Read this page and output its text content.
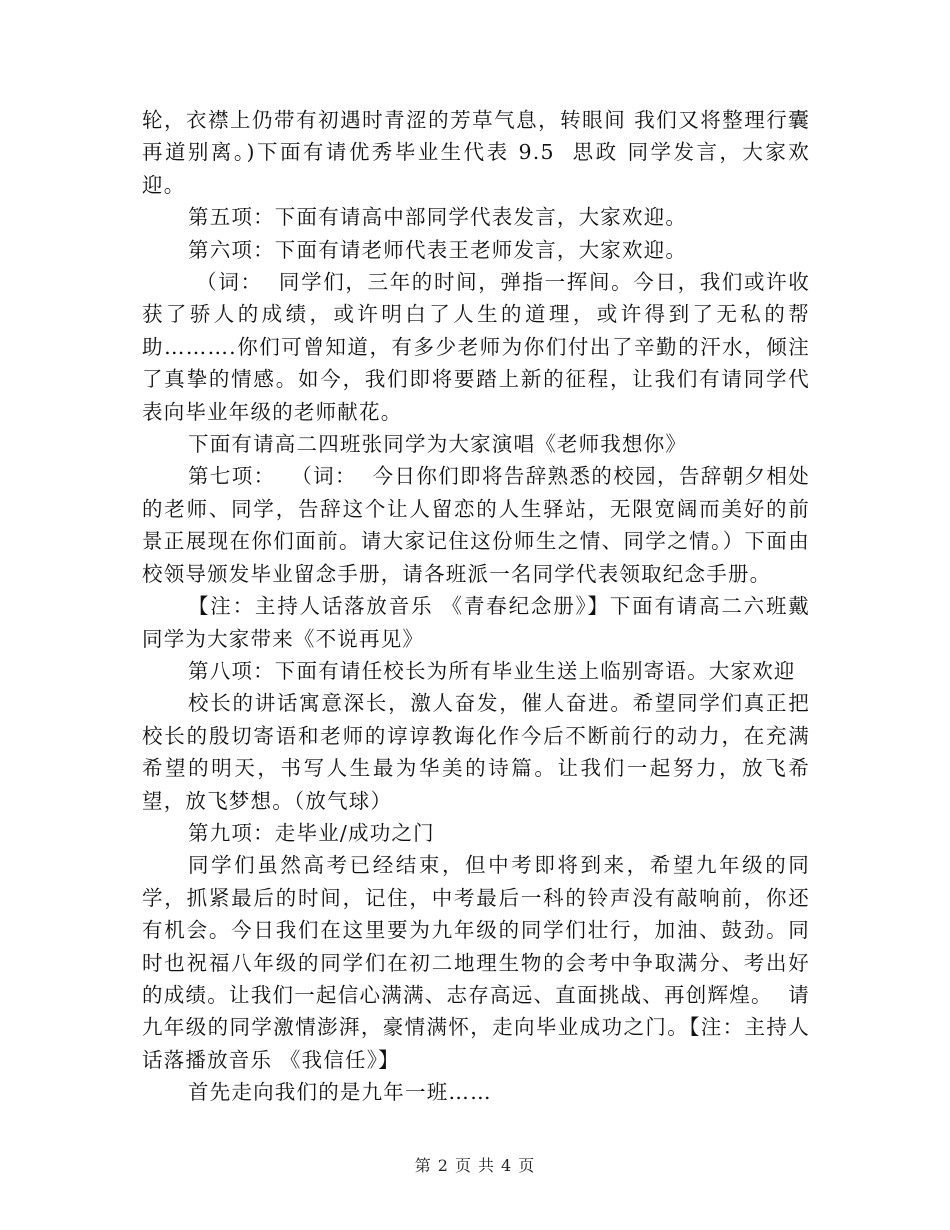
轮，衣襟上仍带有初遇时青涩的芳草气息，转眼间 我们又将整理行囊再道别离。)下面有请优秀毕业生代表 9.5  思政 同学发言，大家欢迎。

第五项：下面有请高中部同学代表发言，大家欢迎。

第六项：下面有请老师代表王老师发言，大家欢迎。

（词：  同学们，三年的时间，弹指一挥间。今日，我们或许收获了骄人的成绩，或许明白了人生的道理，或许得到了无私的帮助……….你们可曾知道，有多少老师为你们付出了辛勤的汗水，倾注了真挚的情感。如今，我们即将要踏上新的征程，让我们有请同学代表向毕业年级的老师献花。

下面有请高二四班张同学为大家演唱《老师我想你》

第七项：  （词：  今日你们即将告辞熟悉的校园，告辞朝夕相处的老师、同学，告辞这个让人留恋的人生驿站，无限宽阔而美好的前景正展现在你们面前。请大家记住这份师生之情、同学之情。）下面由校领导颁发毕业留念手册，请各班派一名同学代表领取纪念手册。

【注：主持人话落放音乐 《青春纪念册》】下面有请高二六班戴同学为大家带来《不说再见》

第八项：下面有请任校长为所有毕业生送上临别寄语。大家欢迎

校长的讲话寓意深长，激人奋发，催人奋进。希望同学们真正把校长的殷切寄语和老师的谆谆教诲化作今后不断前行的动力，在充满希望的明天，书写人生最为华美的诗篇。让我们一起努力，放飞希望，放飞梦想。（放气球）

第九项：走毕业/成功之门

同学们虽然高考已经结束，但中考即将到来，希望九年级的同学，抓紧最后的时间，记住，中考最后一科的铃声没有敲响前，你还有机会。今日我们在这里要为九年级的同学们壮行，加油、鼓劲。同时也祝福八年级的同学们在初二地理生物的会考中争取满分、考出好的成绩。让我们一起信心满满、志存高远、直面挑战、再创辉煌。  请九年级的同学激情澎湃，豪情满怀，走向毕业成功之门。【注：主持人话落播放音乐 《我信任》】

首先走向我们的是九年一班……

第 2 页 共 4 页
